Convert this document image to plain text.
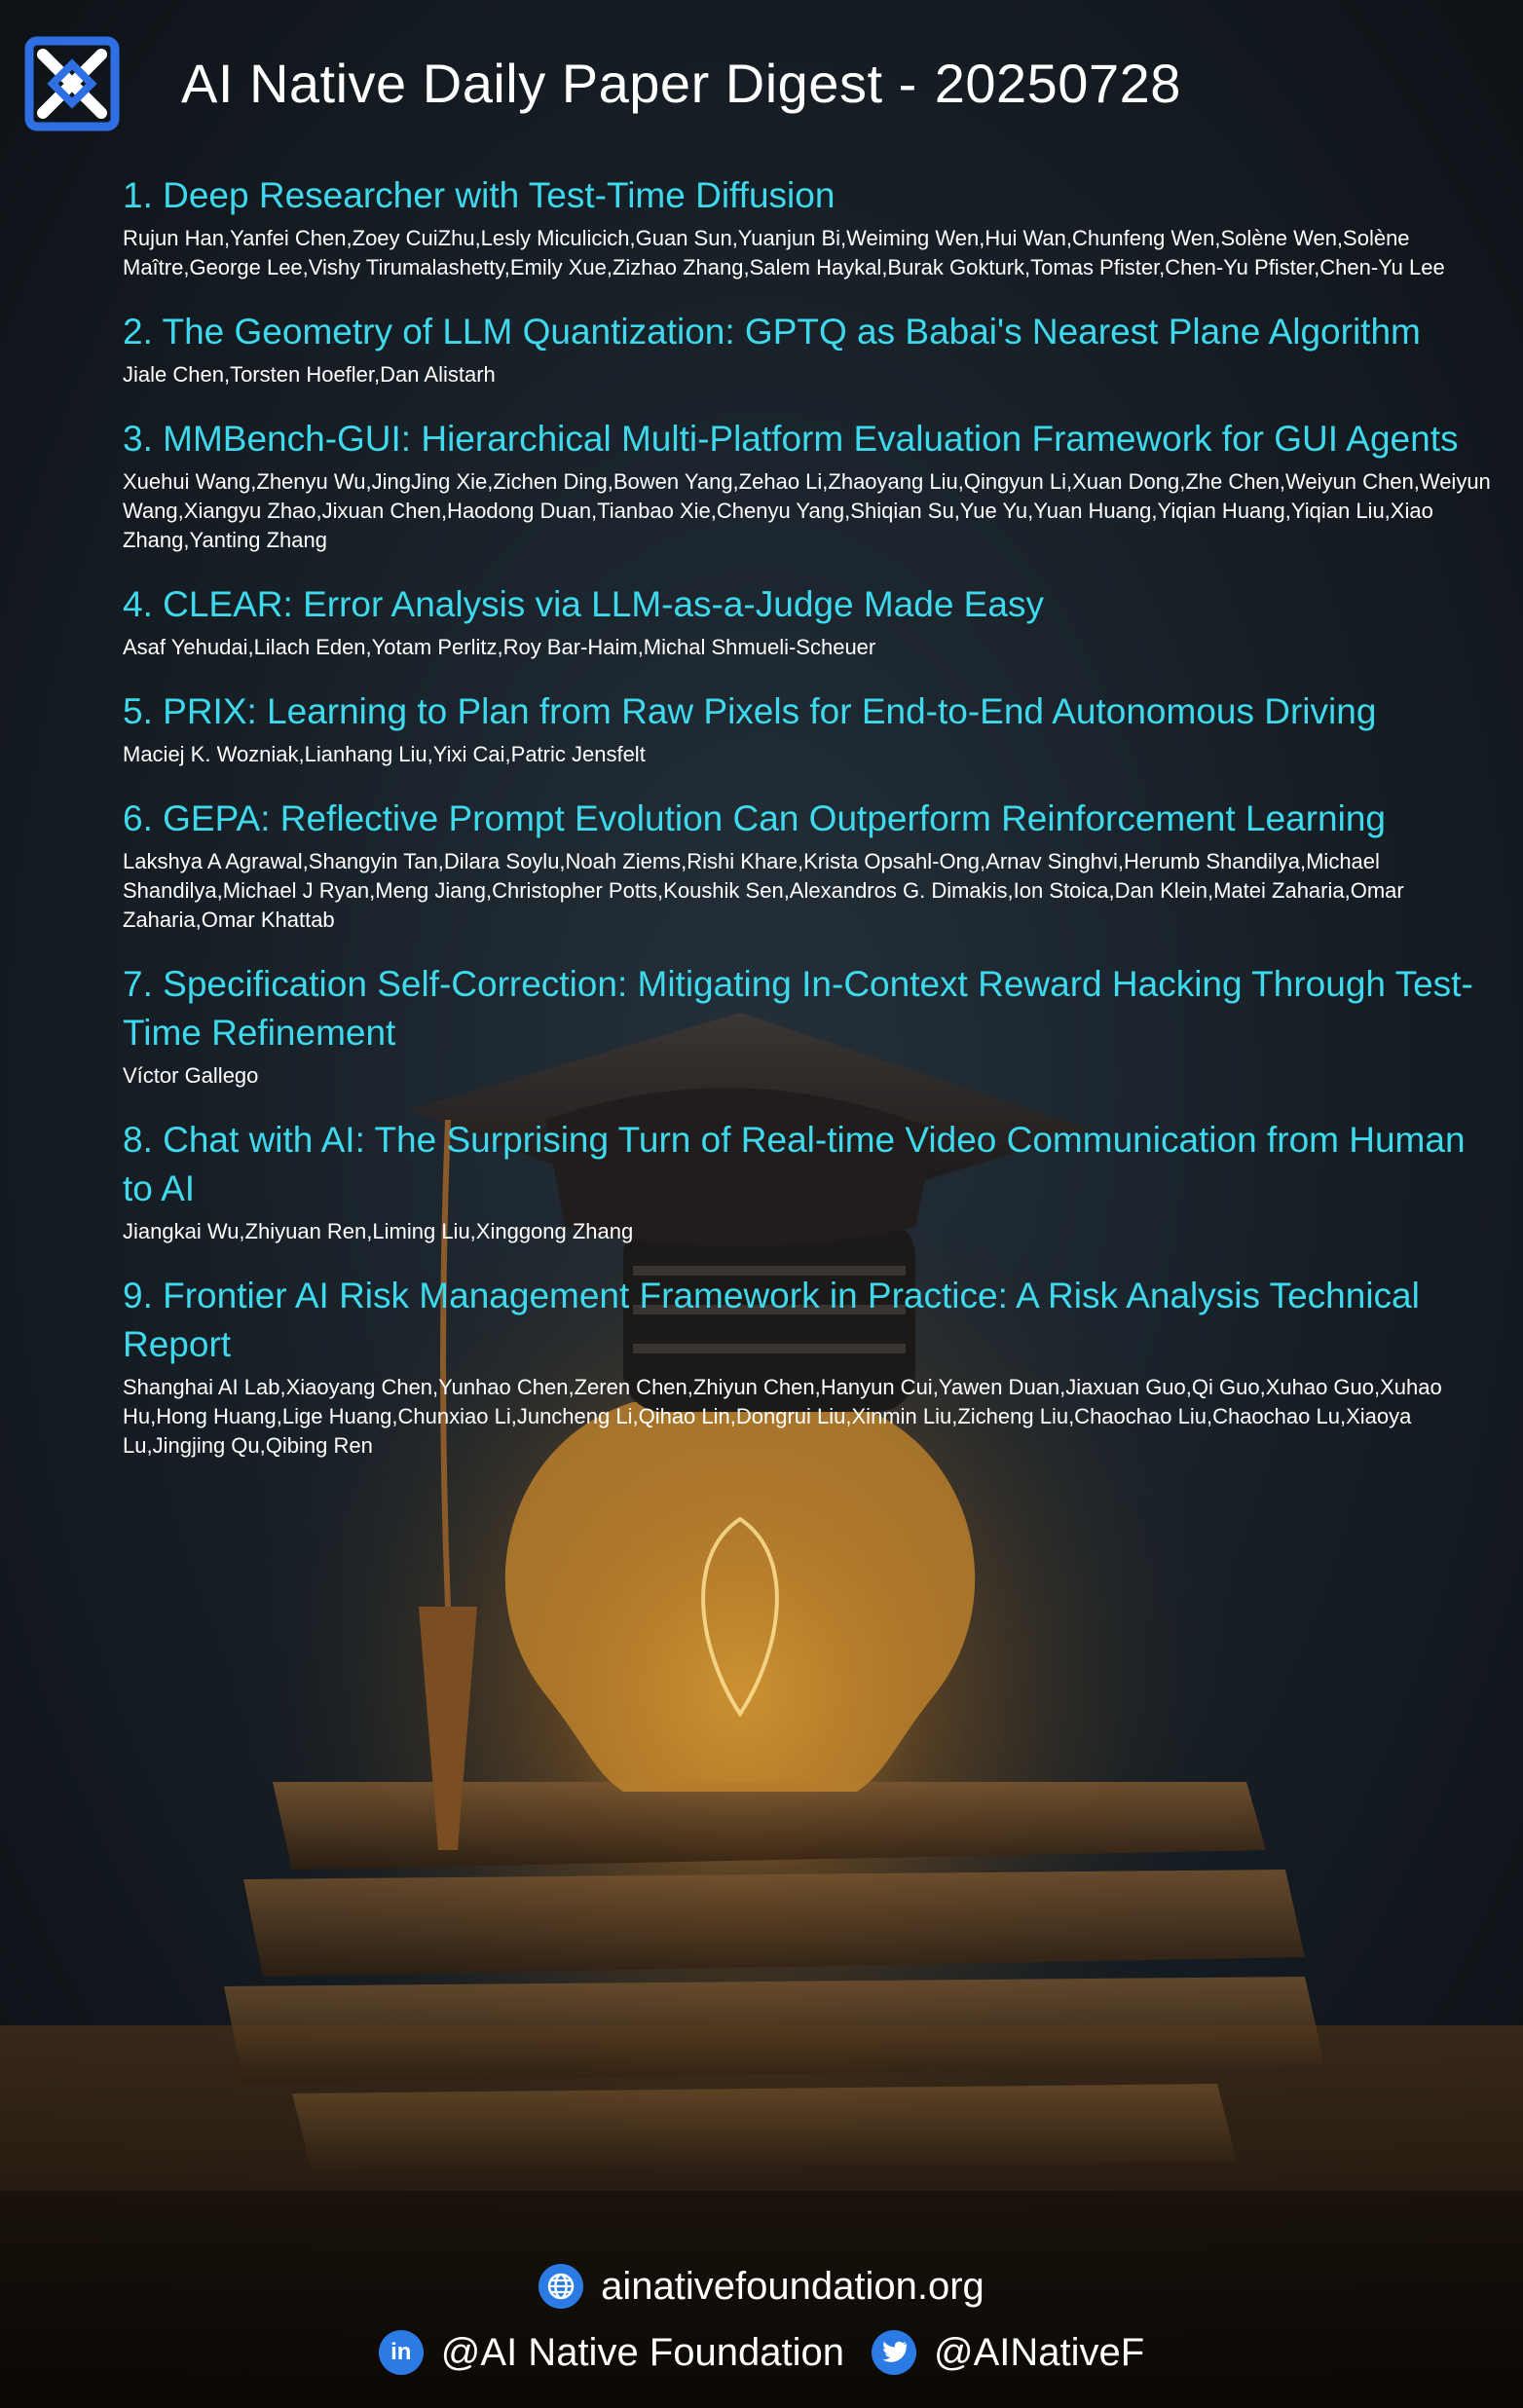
AI Native Daily Paper Digest - 20250728
1. Deep Researcher with Test-Time Diffusion
Rujun Han,Yanfei Chen,Zoey CuiZhu,Lesly Miculicich,Guan Sun,Yuanjun Bi,Weiming Wen,Hui Wan,Chunfeng Wen,Solène Wen,Solène Maître,George Lee,Vishy Tirumalashetty,Emily Xue,Zizhao Zhang,Salem Haykal,Burak Gokturk,Tomas Pfister,Chen-Yu Pfister,Chen-Yu Lee
2. The Geometry of LLM Quantization: GPTQ as Babai's Nearest Plane Algorithm
Jiale Chen,Torsten Hoefler,Dan Alistarh
3. MMBench-GUI: Hierarchical Multi-Platform Evaluation Framework for GUI Agents
Xuehui Wang,Zhenyu Wu,JingJing Xie,Zichen Ding,Bowen Yang,Zehao Li,Zhaoyang Liu,Qingyun Li,Xuan Dong,Zhe Chen,Weiyun Chen,Weiyun Wang,Xiangyu Zhao,Jixuan Chen,Haodong Duan,Tianbao Xie,Chenyu Yang,Shiqian Su,Yue Yu,Yuan Huang,Yiqian Huang,Yiqian Liu,Xiao Zhang,Yanting Zhang
4. CLEAR: Error Analysis via LLM-as-a-Judge Made Easy
Asaf Yehudai,Lilach Eden,Yotam Perlitz,Roy Bar-Haim,Michal Shmueli-Scheuer
5. PRIX: Learning to Plan from Raw Pixels for End-to-End Autonomous Driving
Maciej K. Wozniak,Lianhang Liu,Yixi Cai,Patric Jensfelt
6. GEPA: Reflective Prompt Evolution Can Outperform Reinforcement Learning
Lakshya A Agrawal,Shangyin Tan,Dilara Soylu,Noah Ziems,Rishi Khare,Krista Opsahl-Ong,Arnav Singhvi,Herumb Shandilya,Michael Shandilya,Michael J Ryan,Meng Jiang,Christopher Potts,Koushik Sen,Alexandros G. Dimakis,Ion Stoica,Dan Klein,Matei Zaharia,Omar Zaharia,Omar Khattab
7. Specification Self-Correction: Mitigating In-Context Reward Hacking Through Test-Time Refinement
Víctor Gallego
8. Chat with AI: The Surprising Turn of Real-time Video Communication from Human to AI
Jiangkai Wu,Zhiyuan Ren,Liming Liu,Xinggong Zhang
9. Frontier AI Risk Management Framework in Practice: A Risk Analysis Technical Report
Shanghai AI Lab,Xiaoyang Chen,Yunhao Chen,Zeren Chen,Zhiyun Chen,Hanyun Cui,Yawen Duan,Jiaxuan Guo,Qi Guo,Xuhao Guo,Xuhao Hu,Hong Huang,Lige Huang,Chunxiao Li,Juncheng Li,Qihao Lin,Dongrui Liu,Xinmin Liu,Zicheng Liu,Chaochao Liu,Chaochao Lu,Xiaoya Lu,Jingjing Qu,Qibing Ren
ainativefoundation.org
in @AI Native Foundation @AINativeF
